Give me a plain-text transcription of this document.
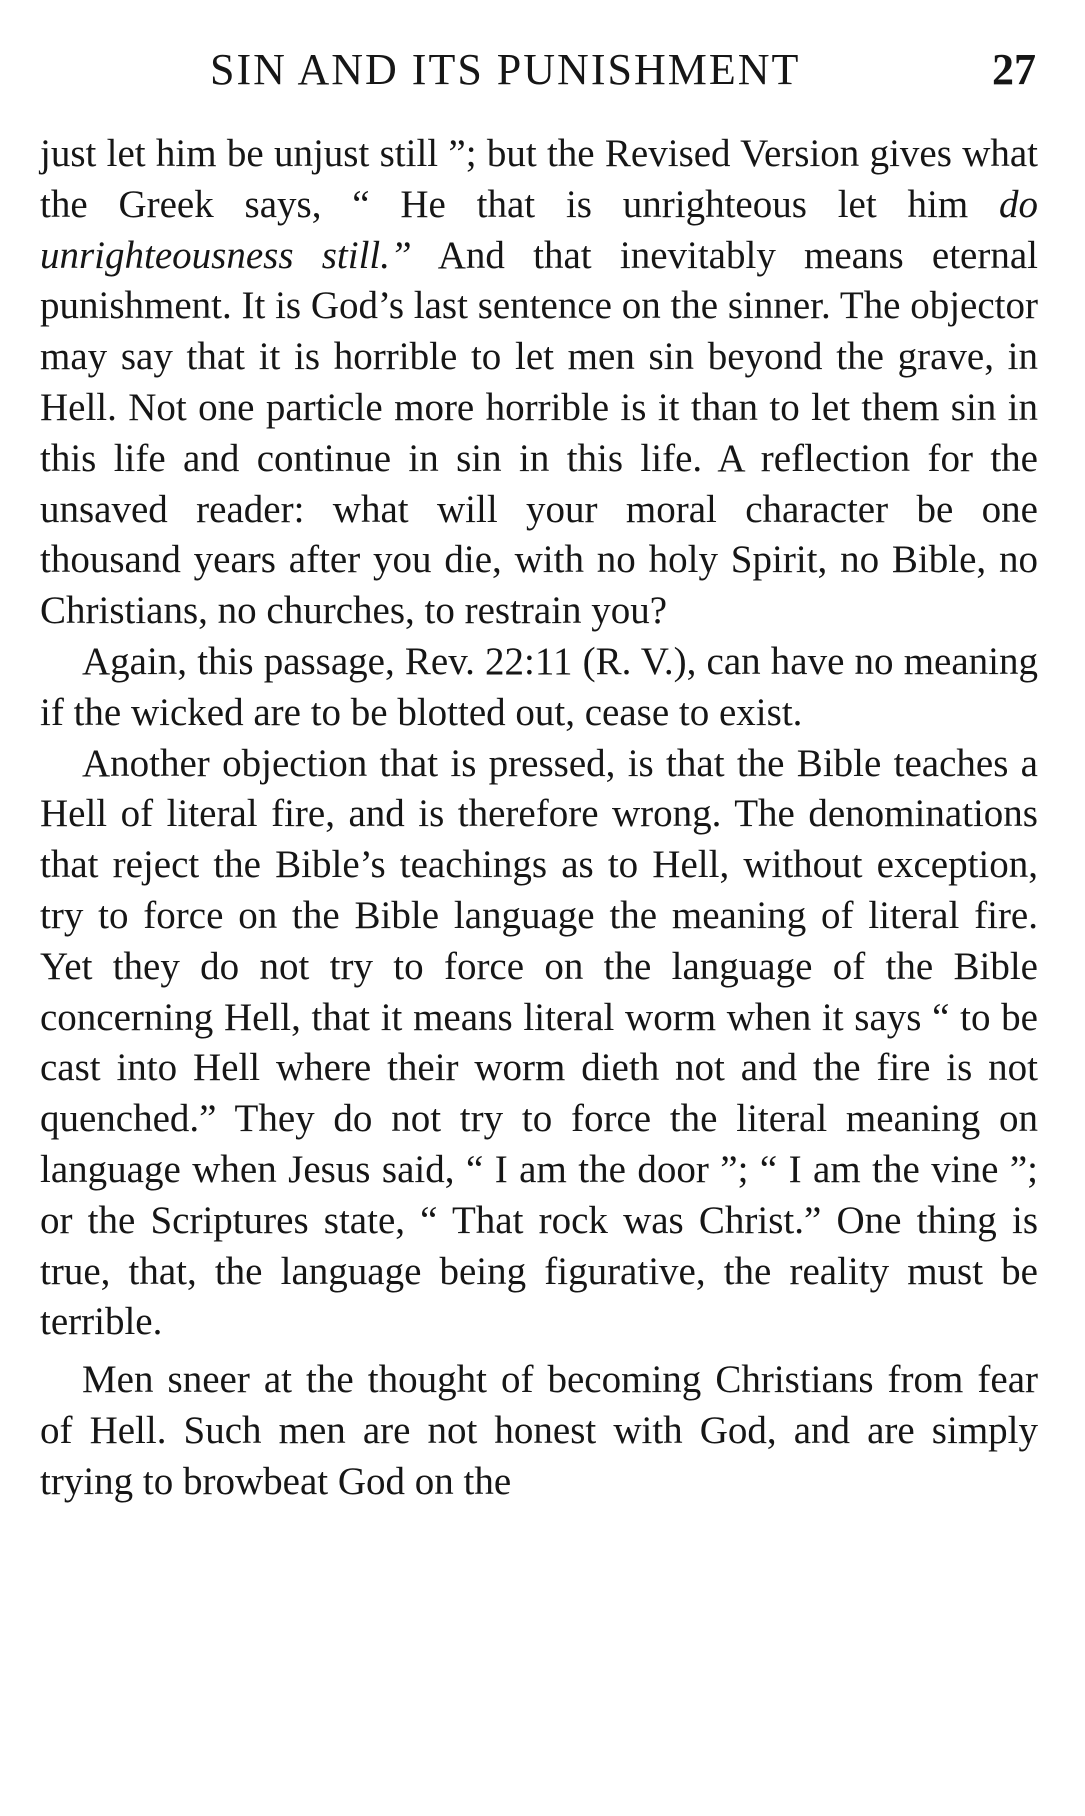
SIN AND ITS PUNISHMENT	27

just let him be unjust still ”; but the Revised Version gives what the Greek says, “ He that is unrighteous let him do unrighteousness still.” And that inevitably means eternal punishment. It is God’s last sentence on the sinner. The objector may say that it is horrible to let men sin beyond the grave, in Hell. Not one particle more horrible is it than to let them sin in this life and continue in sin in this life. A reflection for the unsaved reader: what will your moral character be one thousand years after you die, with no holy Spirit, no Bible, no Christians, no churches, to restrain you?

Again, this passage, Rev. 22:11 (R. V.), can have no meaning if the wicked are to be blotted out, cease to exist.

Another objection that is pressed, is that the Bible teaches a Hell of literal fire, and is therefore wrong. The denominations that reject the Bible’s teachings as to Hell, without exception, try to force on the Bible language the meaning of literal fire. Yet they do not try to force on the language of the Bible concerning Hell, that it means literal worm when it says “ to be cast into Hell where their worm dieth not and the fire is not quenched.” They do not try to force the literal meaning on language when Jesus said, “ I am the door ”; “ I am the vine ”; or the Scriptures state, “ That rock was Christ.” One thing is true, that, the language being figurative, the reality must be terrible.

Men sneer at the thought of becoming Christians from fear of Hell. Such men are not honest with God, and are simply trying to browbeat God on the
